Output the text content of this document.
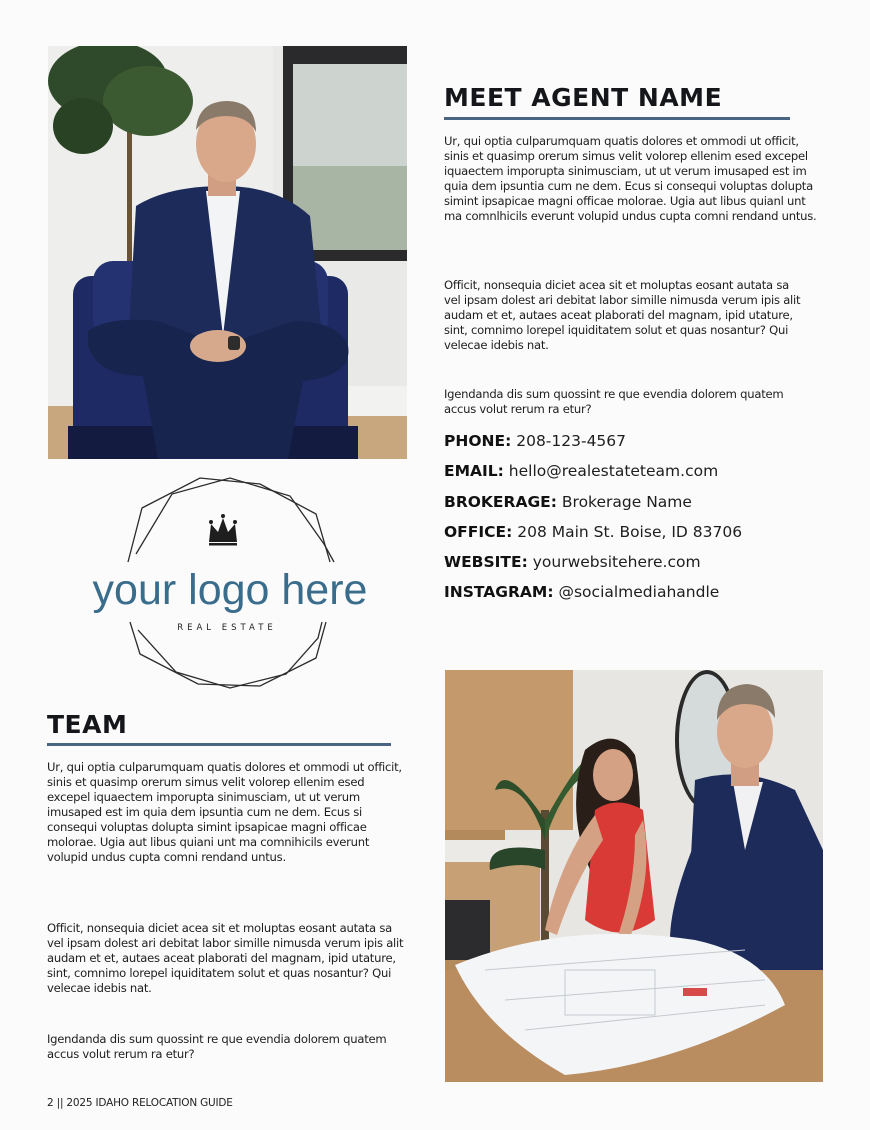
MEET AGENT NAME

Ur, qui optia culparumquam quatis dolores et ommodi ut officit, sinis et quasimp orerum simus velit volorep ellenim esed excepel iquaectem imporupta sinimusciam, ut ut verum imusaped est im quia dem ipsuntia cum ne dem. Ecus si consequi voluptas dolupta simint ipsapicae magni officae molorae. Ugia aut libus quianl unt ma comnlhicils everunt volupid undus cupta comni rendand untus.

Officit, nonsequia diciet acea sit et moluptas eosant autata sa vel ipsam dolest ari debitat labor simille nimusda verum ipis alit audam et et, autaes aceat plaborati del magnam, ipid utature, sint, comnimo lorepel iquiditatem solut et quas nosantur? Qui velecae idebis nat.

Igendanda dis sum quossint re que evendia dolorem quatem accus volut rerum ra etur?

PHONE: 208-123-4567
EMAIL: hello@realestateteam.com
BROKERAGE: Brokerage Name
OFFICE: 208 Main St. Boise, ID 83706
WEBSITE: yourwebsitehere.com
INSTAGRAM: @socialmediahandle
your logo here
REAL ESTATE
TEAM

Ur, qui optia culparumquam quatis dolores et ommodi ut officit, sinis et quasimp orerum simus velit volorep ellenim esed excepel iquaectem imporupta sinimusciam, ut ut verum imusaped est im quia dem ipsuntia cum ne dem. Ecus si consequi voluptas dolupta simint ipsapicae magni officae molorae. Ugia aut libus quiani unt ma comnihicils everunt volupid undus cupta comni rendand untus.

Officit, nonsequia diciet acea sit et moluptas eosant autata sa vel ipsam dolest ari debitat labor simille nimusda verum ipis alit audam et et, autaes aceat plaborati del magnam, ipid utature, sint, comnimo lorepel iquiditatem solut et quas nosantur? Qui velecae idebis nat.

Igendanda dis sum quossint re que evendia dolorem quatem accus volut rerum ra etur?

2 || 2025 IDAHO RELOCATION GUIDE
